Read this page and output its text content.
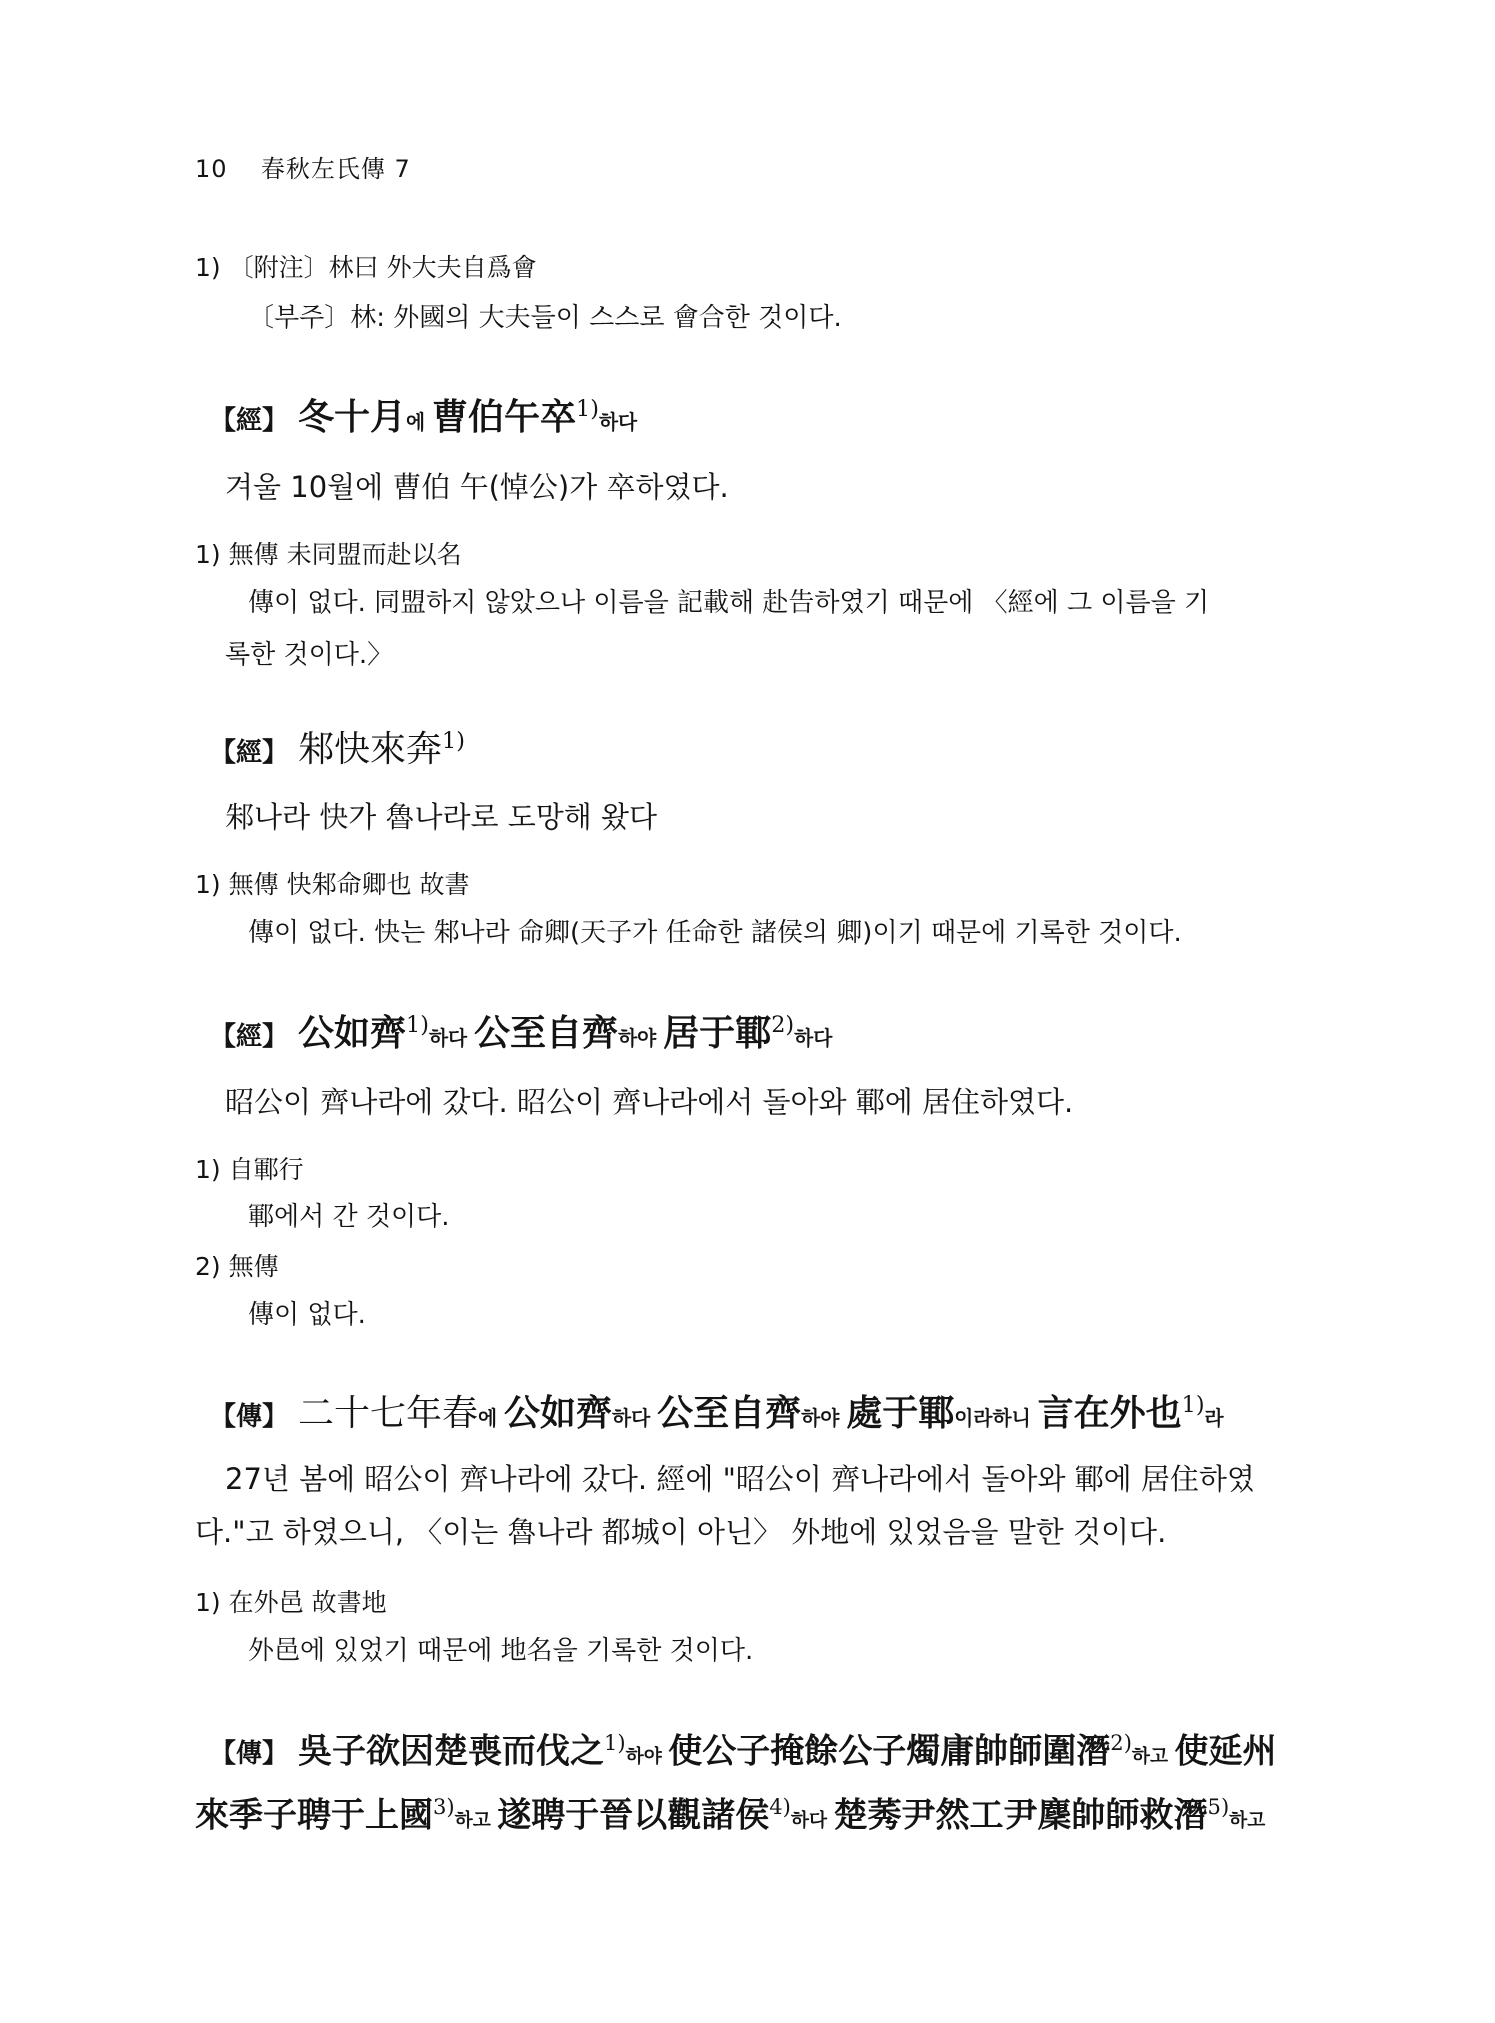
10 春秋左氏傳 7
1) 〔附注〕林曰 外大夫自爲會
〔부주〕林: 外國의 大夫들이 스스로 會合한 것이다.
【經】 冬十月에 曹伯午卒$^{1)}$하다
겨울 10월에 曹伯 午(悼公)가 卒하였다.
1) 無傳 未同盟而赴以名
傳이 없다. 同盟하지 않았으나 이름을 記載해 赴告하였기 때문에 〈經에 그 이름을 기
록한 것이다.〉
【經】 邾快來奔$^{1)}$
邾나라 快가 魯나라로 도망해 왔다
1) 無傳 快邾命卿也 故書
傳이 없다. 快는 邾나라 命卿(天子가 任命한 諸侯의 卿)이기 때문에 기록한 것이다.
【經】 公如齊$^{1)}$하다 公至自齊하야 居于鄆$^{2)}$하다
昭公이 齊나라에 갔다. 昭公이 齊나라에서 돌아와 鄆에 居住하였다.
1) 自鄆行
鄆에서 간 것이다.
2) 無傳
傳이 없다.
【傳】 二十七年春에 公如齊하다 公至自齊하야 處于鄆이라하니 言在外也$^{1)}$라
27년 봄에 昭公이 齊나라에 갔다. 經에 "昭公이 齊나라에서 돌아와 鄆에 居住하였
다."고 하였으니, 〈이는 魯나라 都城이 아닌〉 外地에 있었음을 말한 것이다.
1) 在外邑 故書地
外邑에 있었기 때문에 地名을 기록한 것이다.
【傳】 吳子欲因楚喪而伐之$^{1)}$하야 使公子掩餘公子燭庸帥師圍潛$^{2)}$하고 使延州
來季子聘于上國$^{3)}$하고 遂聘于晉以觀諸侯$^{4)}$하다 楚莠尹然工尹麇帥師救潛$^{5)}$하고
